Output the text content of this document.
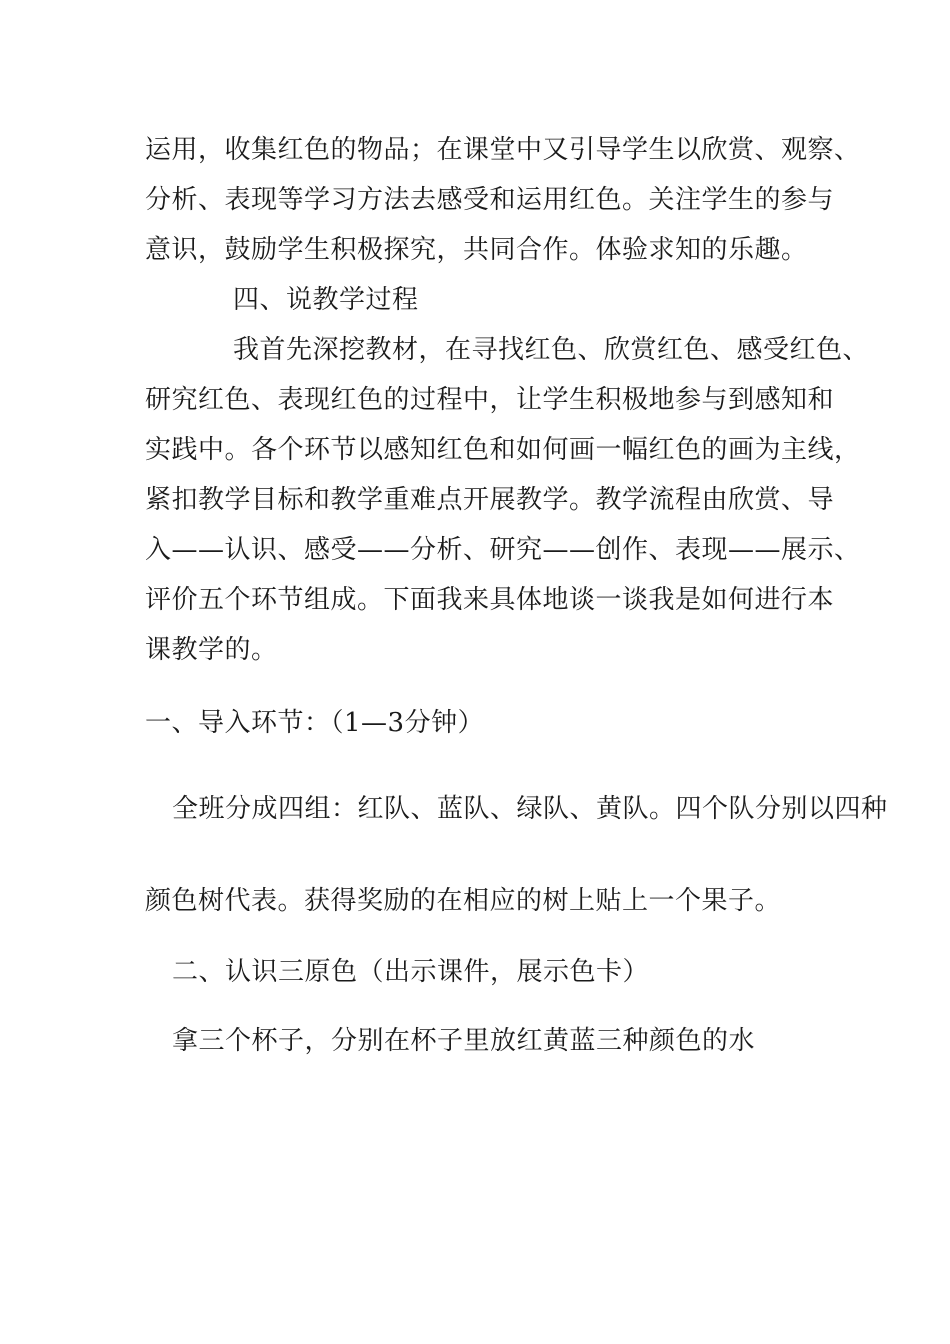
运用，收集红色的物品；在课堂中又引导学生以欣赏、观察、
分析、表现等学习方法去感受和运用红色。关注学生的参与
意识，鼓励学生积极探究，共同合作。体验求知的乐趣。
四、说教学过程
我首先深挖教材，在寻找红色、欣赏红色、感受红色、
研究红色、表现红色的过程中，让学生积极地参与到感知和
实践中。各个环节以感知红色和如何画一幅红色的画为主线，
紧扣教学目标和教学重难点开展教学。教学流程由欣赏、导
入——认识、感受——分析、研究——创作、表现——展示、
评价五个环节组成。下面我来具体地谈一谈我是如何进行本
课教学的。
一、导入环节：（1—3分钟）
全班分成四组：红队、蓝队、绿队、黄队。四个队分别以四种
颜色树代表。获得奖励的在相应的树上贴上一个果子。
二、认识三原色（出示课件，展示色卡）
拿三个杯子，分别在杯子里放红黄蓝三种颜色的水
